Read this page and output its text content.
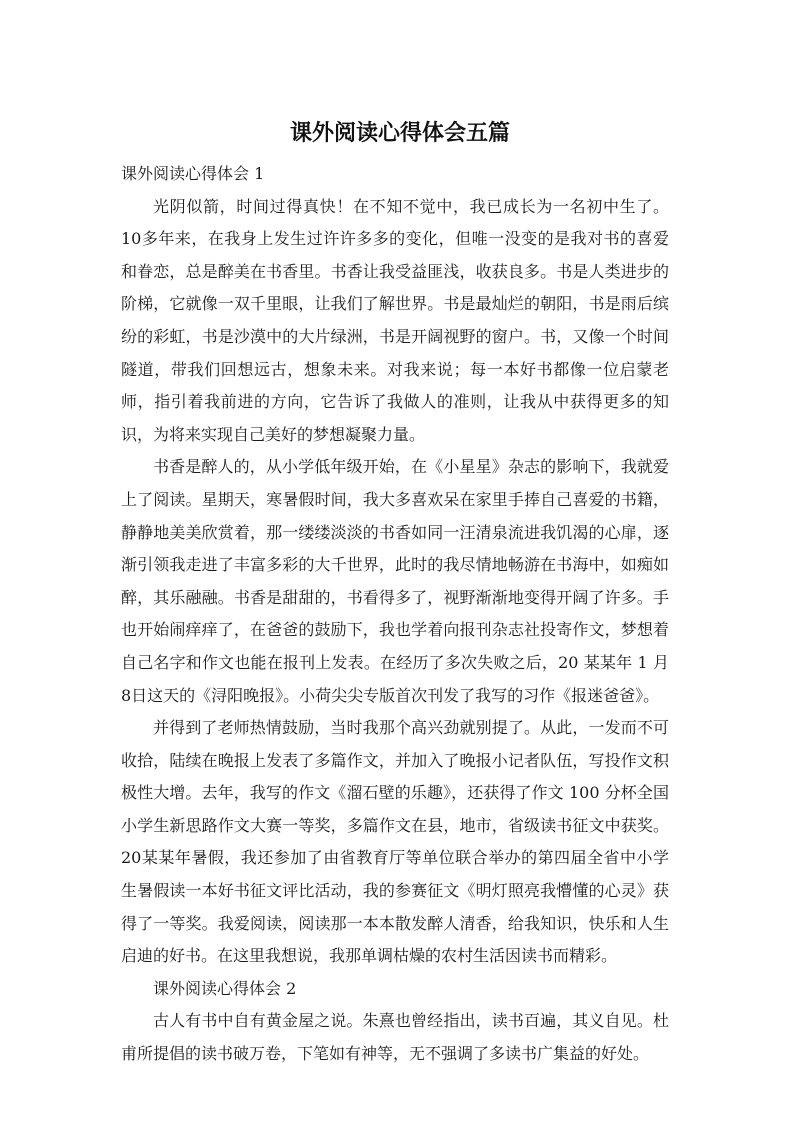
课外阅读心得体会五篇

课外阅读心得体会 1

光阴似箭，时间过得真快！在不知不觉中，我已成长为一名初中生了。10多年来，在我身上发生过许许多多的变化，但唯一没变的是我对书的喜爱和眷恋，总是醉美在书香里。书香让我受益匪浅，收获良多。书是人类进步的阶梯，它就像一双千里眼，让我们了解世界。书是最灿烂的朝阳，书是雨后缤纷的彩虹，书是沙漠中的大片绿洲，书是开阔视野的窗户。书，又像一个时间隧道，带我们回想远古，想象未来。对我来说；每一本好书都像一位启蒙老师，指引着我前进的方向，它告诉了我做人的准则，让我从中获得更多的知识，为将来实现自己美好的梦想凝聚力量。

书香是醉人的，从小学低年级开始，在《小星星》杂志的影响下，我就爱上了阅读。星期天，寒暑假时间，我大多喜欢呆在家里手捧自己喜爱的书籍，静静地美美欣赏着，那一缕缕淡淡的书香如同一汪清泉流进我饥渴的心扉，逐渐引领我走进了丰富多彩的大千世界，此时的我尽情地畅游在书海中，如痴如醉，其乐融融。书香是甜甜的，书看得多了，视野渐渐地变得开阔了许多。手也开始闹痒痒了，在爸爸的鼓励下，我也学着向报刊杂志社投寄作文，梦想着自己名字和作文也能在报刊上发表。在经历了多次失败之后，20 某某年 1 月 8日这天的《浔阳晚报》。小荷尖尖专版首次刊发了我写的习作《报迷爸爸》。

并得到了老师热情鼓励，当时我那个高兴劲就别提了。从此，一发而不可收拾，陆续在晚报上发表了多篇作文，并加入了晚报小记者队伍，写投作文积极性大增。去年，我写的作文《溜石壁的乐趣》，还获得了作文 100 分杯全国小学生新思路作文大赛一等奖，多篇作文在县，地市，省级读书征文中获奖。20某某年暑假，我还参加了由省教育厅等单位联合举办的第四届全省中小学生暑假读一本好书征文评比活动，我的参赛征文《明灯照亮我懵懂的心灵》获得了一等奖。我爱阅读，阅读那一本本散发醉人清香，给我知识，快乐和人生启迪的好书。在这里我想说，我那单调枯燥的农村生活因读书而精彩。

课外阅读心得体会 2

古人有书中自有黄金屋之说。朱熹也曾经指出，读书百遍，其义自见。杜甫所提倡的读书破万卷，下笔如有神等，无不强调了多读书广集益的好处。
